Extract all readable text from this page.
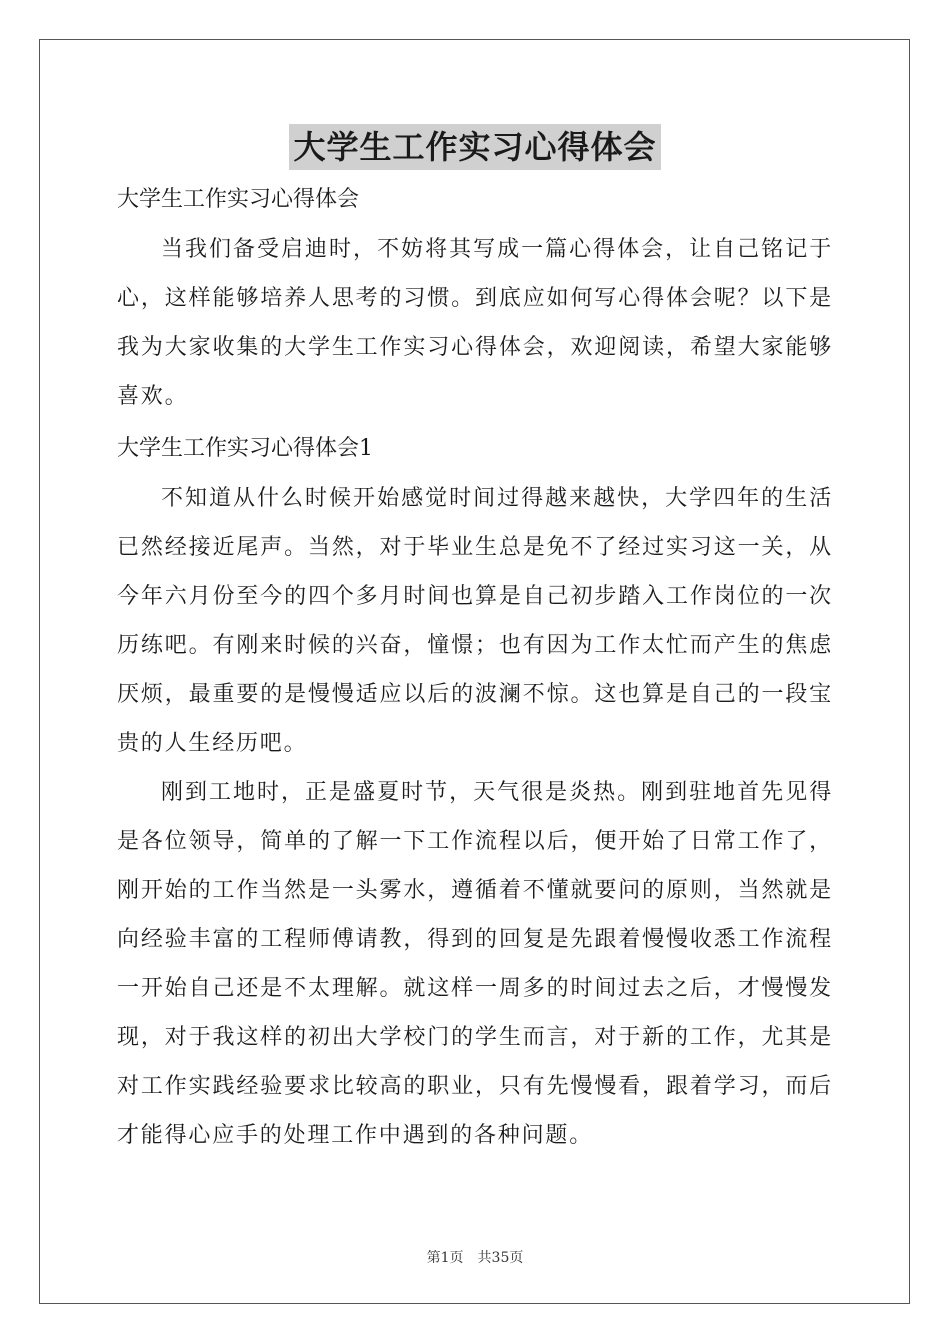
大学生工作实习心得体会

大学生工作实习心得体会

当我们备受启迪时，不妨将其写成一篇心得体会，让自己铭记于心，这样能够培养人思考的习惯。到底应如何写心得体会呢？以下是我为大家收集的大学生工作实习心得体会，欢迎阅读，希望大家能够喜欢。

大学生工作实习心得体会1

不知道从什么时候开始感觉时间过得越来越快，大学四年的生活已然经接近尾声。当然，对于毕业生总是免不了经过实习这一关，从今年六月份至今的四个多月时间也算是自己初步踏入工作岗位的一次历练吧。有刚来时候的兴奋，憧憬；也有因为工作太忙而产生的焦虑厌烦，最重要的是慢慢适应以后的波澜不惊。这也算是自己的一段宝贵的人生经历吧。

刚到工地时，正是盛夏时节，天气很是炎热。刚到驻地首先见得是各位领导，简单的了解一下工作流程以后，便开始了日常工作了，刚开始的工作当然是一头雾水，遵循着不懂就要问的原则，当然就是向经验丰富的工程师傅请教，得到的回复是先跟着慢慢收悉工作流程一开始自己还是不太理解。就这样一周多的时间过去之后，才慢慢发现，对于我这样的初出大学校门的学生而言，对于新的工作，尤其是对工作实践经验要求比较高的职业，只有先慢慢看，跟着学习，而后才能得心应手的处理工作中遇到的各种问题。

第1页　共35页
